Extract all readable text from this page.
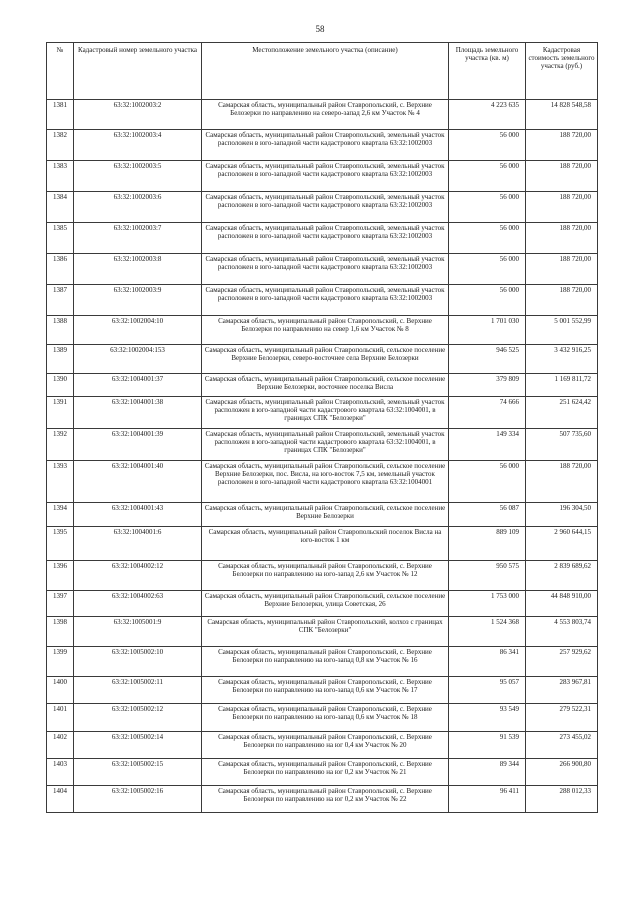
58
№	Кадастровый номер земельного участка	Местоположение земельного участка (описание)	Площадь земельного участка (кв. м)	Кадастровая стоимость земельного участка (руб.)
1381	63:32:1002003:2	Самарская область, муниципальный район Ставропольский, с. Верхние Белозерки по направлению на северо-запад 2,6 км Участок № 4	4 223 635	14 828 548,58
1382	63:32:1002003:4	Самарская область, муниципальный район Ставропольский, земельный участок расположен в юго-западной части кадастрового квартала 63:32:1002003	56 000	188 720,00
1383	63:32:1002003:5	Самарская область, муниципальный район Ставропольский, земельный участок расположен в юго-западной части кадастрового квартала 63:32:1002003	56 000	188 720,00
1384	63:32:1002003:6	Самарская область, муниципальный район Ставропольский, земельный участок расположен в юго-западной части кадастрового квартала 63:32:1002003	56 000	188 720,00
1385	63:32:1002003:7	Самарская область, муниципальный район Ставропольский, земельный участок расположен в юго-западной части кадастрового квартала 63:32:1002003	56 000	188 720,00
1386	63:32:1002003:8	Самарская область, муниципальный район Ставропольский, земельный участок расположен в юго-западной части кадастрового квартала 63:32:1002003	56 000	188 720,00
1387	63:32:1002003:9	Самарская область, муниципальный район Ставропольский, земельный участок расположен в юго-западной части кадастрового квартала 63:32:1002003	56 000	188 720,00
1388	63:32:1002004:10	Самарская область, муниципальный район Ставропольский, с. Верхние Белозерки по направлению на север 1,6 км Участок № 8	1 701 030	5 001 552,99
1389	63:32:1002004:153	Самарская область, муниципальный район Ставропольский, сельское поселение Верхние Белозерки, северо-восточнее села Верхние Белозерки	946 525	3 432 916,25
1390	63:32:1004001:37	Самарская область, муниципальный район Ставропольский, сельское поселение Верхние Белозерки, восточнее поселка Висла	379 809	1 169 811,72
1391	63:32:1004001:38	Самарская область, муниципальный район Ставропольский, земельный участок расположен в юго-западной части кадастрового квартала 63:32:1004001, в границах СПК "Белозерки"	74 666	251 624,42
1392	63:32:1004001:39	Самарская область, муниципальный район Ставропольский, земельный участок расположен в юго-западной части кадастрового квартала 63:32:1004001, в границах СПК "Белозерки"	149 334	507 735,60
1393	63:32:1004001:40	Самарская область, муниципальный район Ставропольский, сельское поселение Верхние Белозерки, пос. Висла, на юго-восток 7,5 км, земельный участок расположен в юго-западной части кадастрового квартала 63:32:1004001	56 000	188 720,00
1394	63:32:1004001:43	Самарская область, муниципальный район Ставропольский, сельское поселение Верхние Белозерки	56 087	196 304,50
1395	63:32:1004001:6	Самарская область, муниципальный район Ставропольский поселок Висла на юго-восток 1 км	889 109	2 960 644,15
1396	63:32:1004002:12	Самарская область, муниципальный район Ставропольский, с. Верхние Белозерки по направлению на юго-запад 2,6 км Участок № 12	950 575	2 839 689,62
1397	63:32:1004002:63	Самарская область, муниципальный район Ставропольский, сельское поселение Верхние Белозерки, улица Советская, 26	1 753 000	44 848 910,00
1398	63:32:1005001:9	Самарская область, муниципальный район Ставропольский, колхоз с границах СПК "Белозерки"	1 524 368	4 553 803,74
1399	63:32:1005002:10	Самарская область, муниципальный район Ставропольский, с. Верхние Белозерки по направлению на юго-запад 0,8 км Участок № 16	86 341	257 929,62
1400	63:32:1005002:11	Самарская область, муниципальный район Ставропольский, с. Верхние Белозерки по направлению на юго-запад 0,6 км Участок № 17	95 057	283 967,81
1401	63:32:1005002:12	Самарская область, муниципальный район Ставропольский, с. Верхние Белозерки по направлению на юго-запад 0,6 км Участок № 18	93 549	279 522,31
1402	63:32:1005002:14	Самарская область, муниципальный район Ставропольский, с. Верхние Белозерки по направлению на юг 0,4 км Участок № 20	91 539	273 455,02
1403	63:32:1005002:15	Самарская область, муниципальный район Ставропольский, с. Верхние Белозерки по направлению на юг 0,2 км Участок № 21	89 344	266 900,80
1404	63:32:1005002:16	Самарская область, муниципальный район Ставропольский, с. Верхние Белозерки по направлению на юг 0,2 км Участок № 22	96 411	288 012,33
